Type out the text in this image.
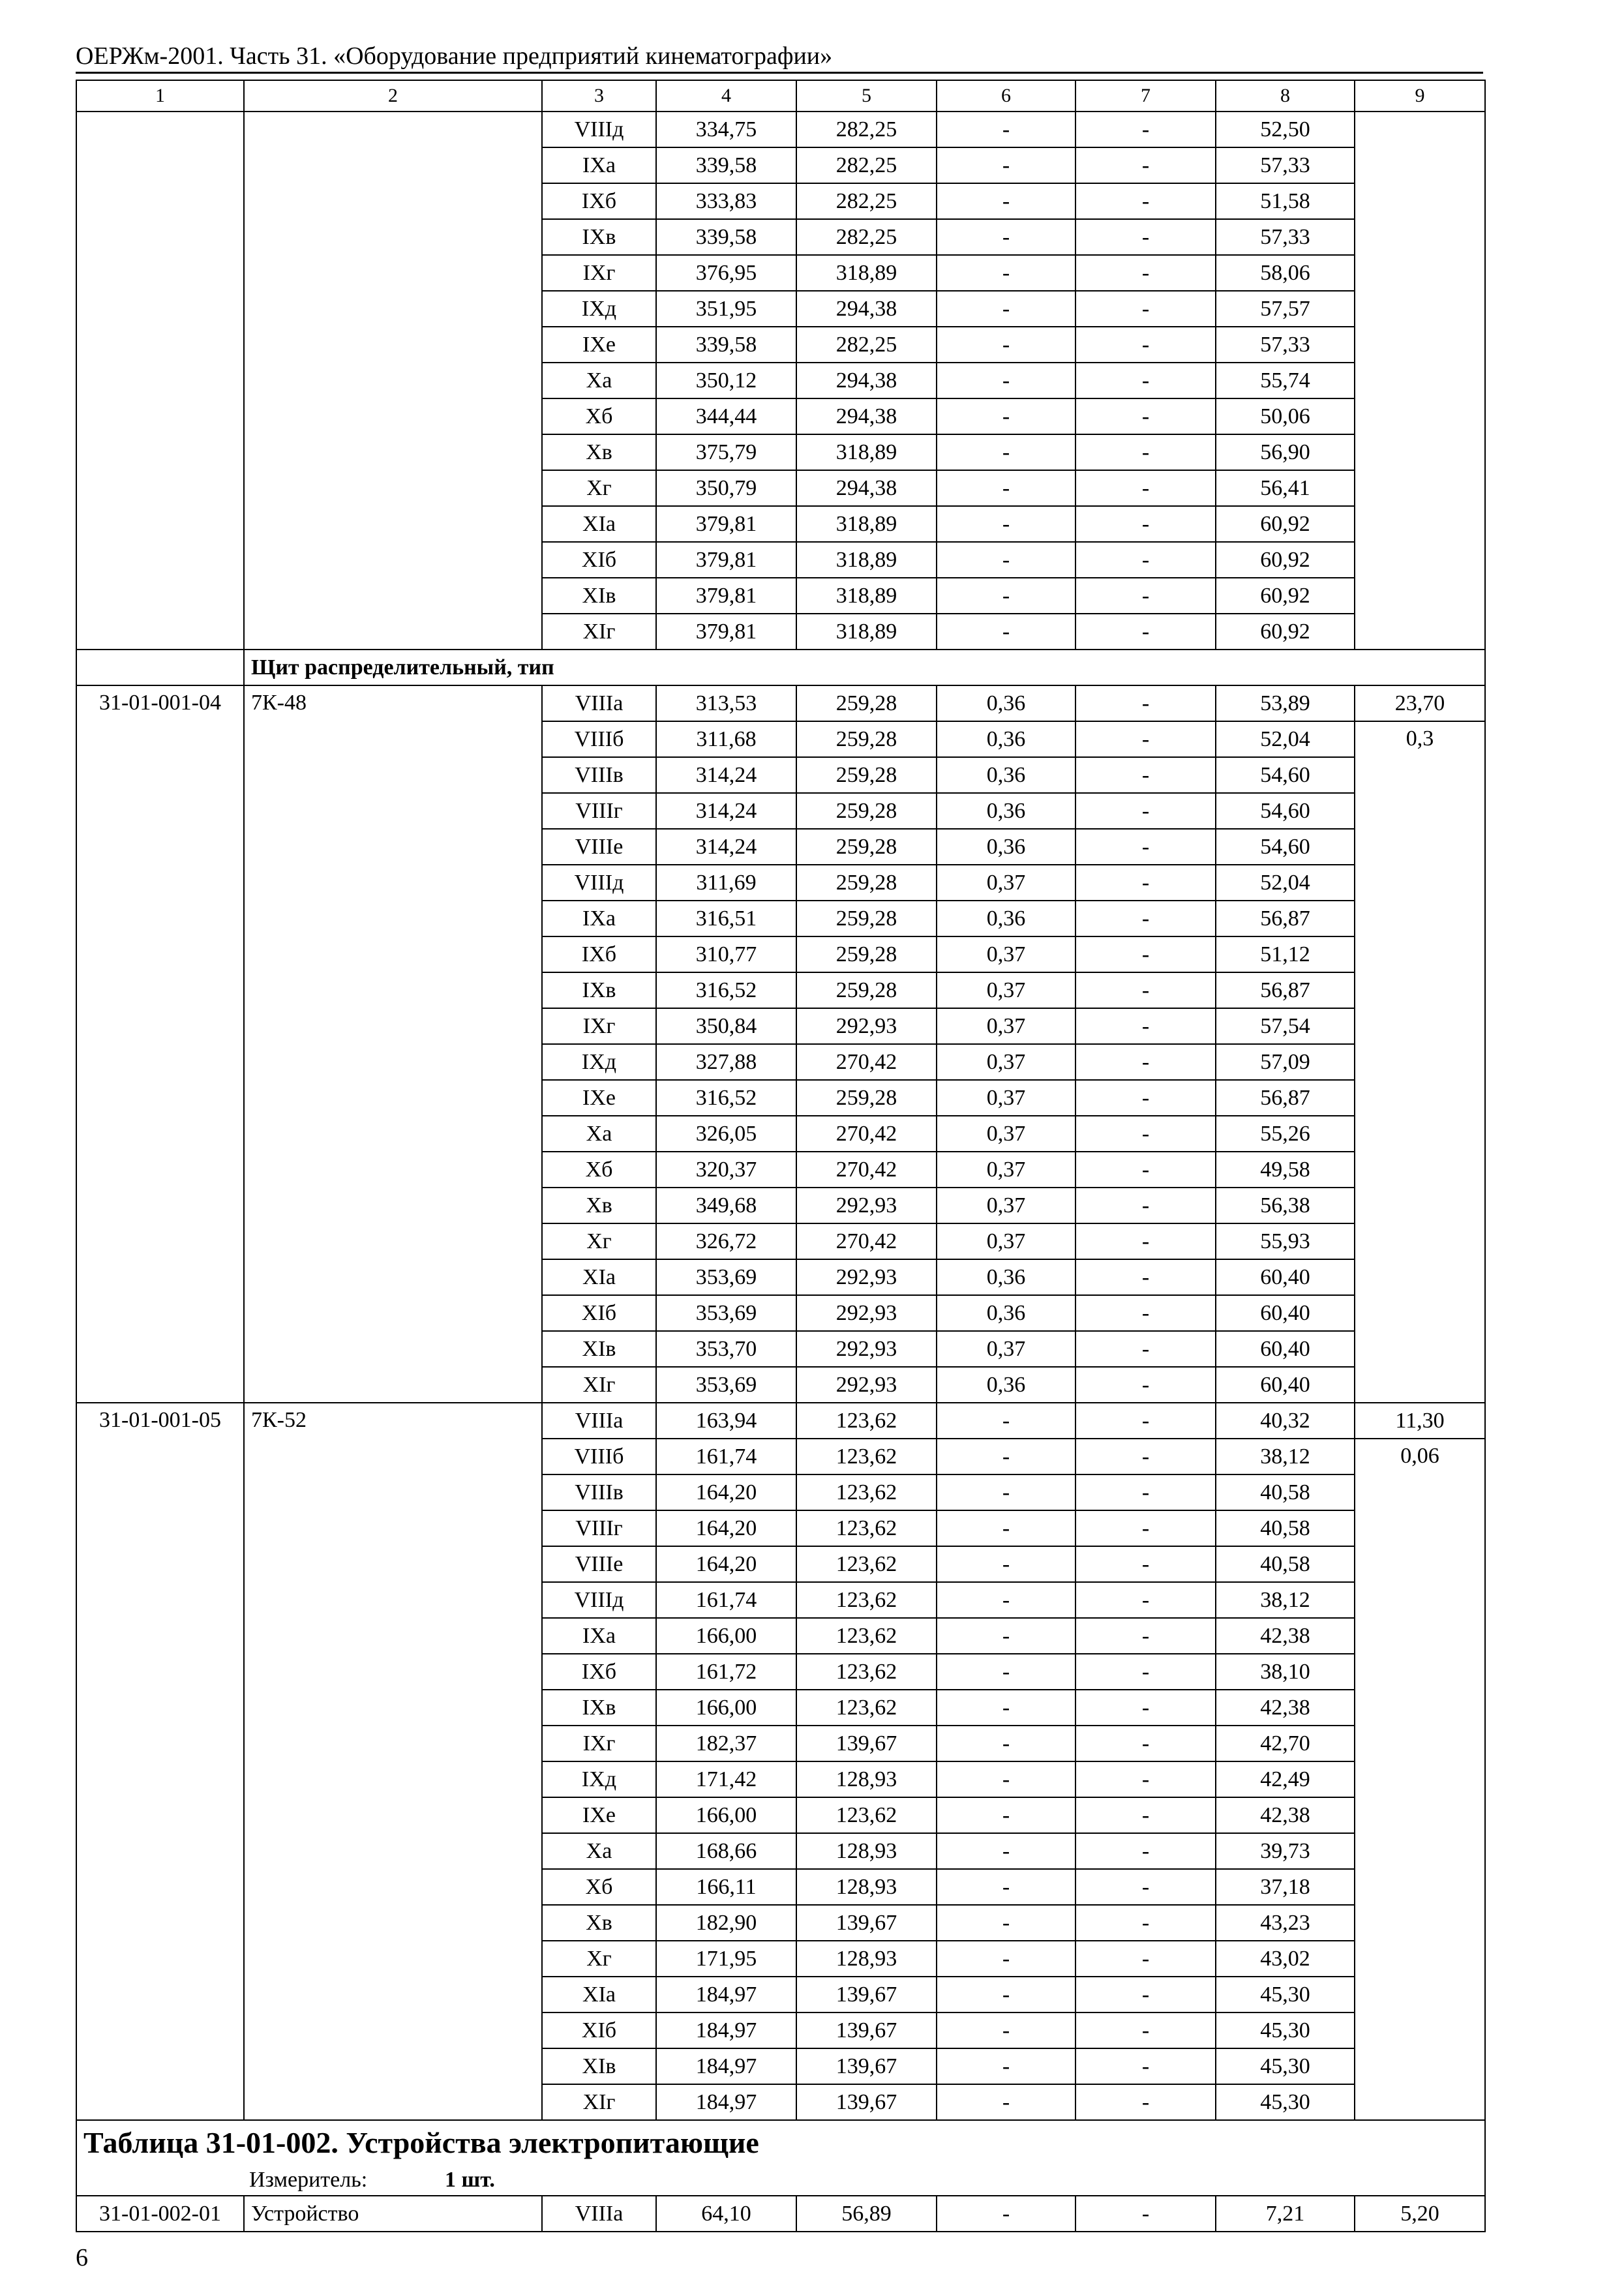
ОЕРЖм-2001. Часть 31. «Оборудование предприятий кинематографии»
1	2	3	4	5	6	7	8	9
		VIIIд	334,75	282,25	-	-	52,50	
		IXа	339,58	282,25	-	-	57,33	
		IXб	333,83	282,25	-	-	51,58	
		IXв	339,58	282,25	-	-	57,33	
		IXг	376,95	318,89	-	-	58,06	
		IXд	351,95	294,38	-	-	57,57	
		IXе	339,58	282,25	-	-	57,33	
		Xа	350,12	294,38	-	-	55,74	
		Xб	344,44	294,38	-	-	50,06	
		Xв	375,79	318,89	-	-	56,90	
		Xг	350,79	294,38	-	-	56,41	
		XIа	379,81	318,89	-	-	60,92	
		XIб	379,81	318,89	-	-	60,92	
		XIв	379,81	318,89	-	-	60,92	
		XIг	379,81	318,89	-	-	60,92	
	Щит распределительный, тип							
31-01-001-04	7К-48	VIIIа	313,53	259,28	0,36	-	53,89	23,70
		VIIIб	311,68	259,28	0,36	-	52,04	0,3
		VIIIв	314,24	259,28	0,36	-	54,60	
		VIIIг	314,24	259,28	0,36	-	54,60	
		VIIIе	314,24	259,28	0,36	-	54,60	
		VIIIд	311,69	259,28	0,37	-	52,04	
		IXа	316,51	259,28	0,36	-	56,87	
		IXб	310,77	259,28	0,37	-	51,12	
		IXв	316,52	259,28	0,37	-	56,87	
		IXг	350,84	292,93	0,37	-	57,54	
		IXд	327,88	270,42	0,37	-	57,09	
		IXе	316,52	259,28	0,37	-	56,87	
		Xа	326,05	270,42	0,37	-	55,26	
		Xб	320,37	270,42	0,37	-	49,58	
		Xв	349,68	292,93	0,37	-	56,38	
		Xг	326,72	270,42	0,37	-	55,93	
		XIа	353,69	292,93	0,36	-	60,40	
		XIб	353,69	292,93	0,36	-	60,40	
		XIв	353,70	292,93	0,37	-	60,40	
		XIг	353,69	292,93	0,36	-	60,40	
31-01-001-05	7К-52	VIIIа	163,94	123,62	-	-	40,32	11,30
		VIIIб	161,74	123,62	-	-	38,12	0,06
		VIIIв	164,20	123,62	-	-	40,58	
		VIIIг	164,20	123,62	-	-	40,58	
		VIIIе	164,20	123,62	-	-	40,58	
		VIIIд	161,74	123,62	-	-	38,12	
		IXа	166,00	123,62	-	-	42,38	
		IXб	161,72	123,62	-	-	38,10	
		IXв	166,00	123,62	-	-	42,38	
		IXг	182,37	139,67	-	-	42,70	
		IXд	171,42	128,93	-	-	42,49	
		IXе	166,00	123,62	-	-	42,38	
		Xа	168,66	128,93	-	-	39,73	
		Xб	166,11	128,93	-	-	37,18	
		Xв	182,90	139,67	-	-	43,23	
		Xг	171,95	128,93	-	-	43,02	
		XIа	184,97	139,67	-	-	45,30	
		XIб	184,97	139,67	-	-	45,30	
		XIв	184,97	139,67	-	-	45,30	
		XIг	184,97	139,67	-	-	45,30	
Таблица 31-01-002. Устройства электропитающие								
Измеритель: 1 шт.								
31-01-002-01	Устройство	VIIIа	64,10	56,89	-	-	7,21	5,20
6
